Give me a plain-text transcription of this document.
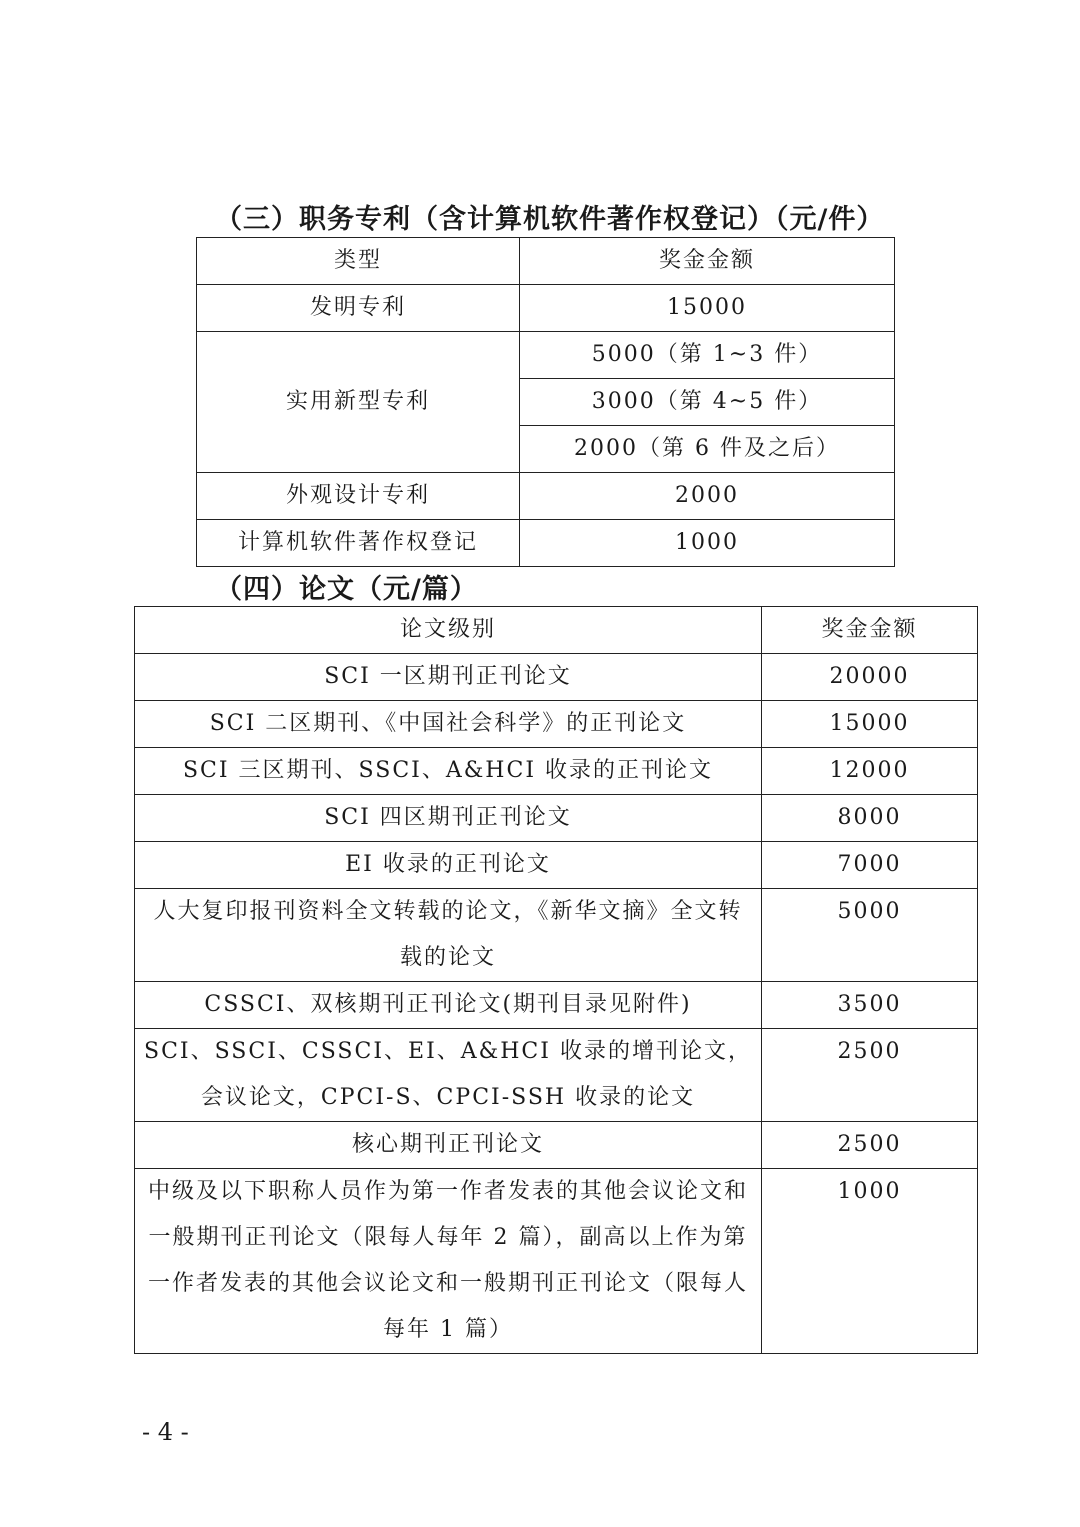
（三）职务专利（含计算机软件著作权登记）（元/件）
类型	奖金金额
发明专利	15000
实用新型专利	5000（第 1~3 件）
	3000（第 4~5 件）
	2000（第 6 件及之后）
外观设计专利	2000
计算机软件著作权登记	1000
（四）论文（元/篇）
论文级别	奖金金额
SCI 一区期刊正刊论文	20000
SCI 二区期刊、《中国社会科学》的正刊论文	15000
SCI 三区期刊、SSCI、A&HCI 收录的正刊论文	12000
SCI 四区期刊正刊论文	8000
EI 收录的正刊论文	7000
人大复印报刊资料全文转载的论文，《新华文摘》全文转载的论文	5000
CSSCI、双核期刊正刊论文(期刊目录见附件)	3500
SCI、SSCI、CSSCI、EI、A&HCI 收录的增刊论文，会议论文，CPCI-S、CPCI-SSH 收录的论文	2500
核心期刊正刊论文	2500
中级及以下职称人员作为第一作者发表的其他会议论文和一般期刊正刊论文（限每人每年 2 篇），副高以上作为第一作者发表的其他会议论文和一般期刊正刊论文（限每人每年 1 篇）	1000
- 4 -
